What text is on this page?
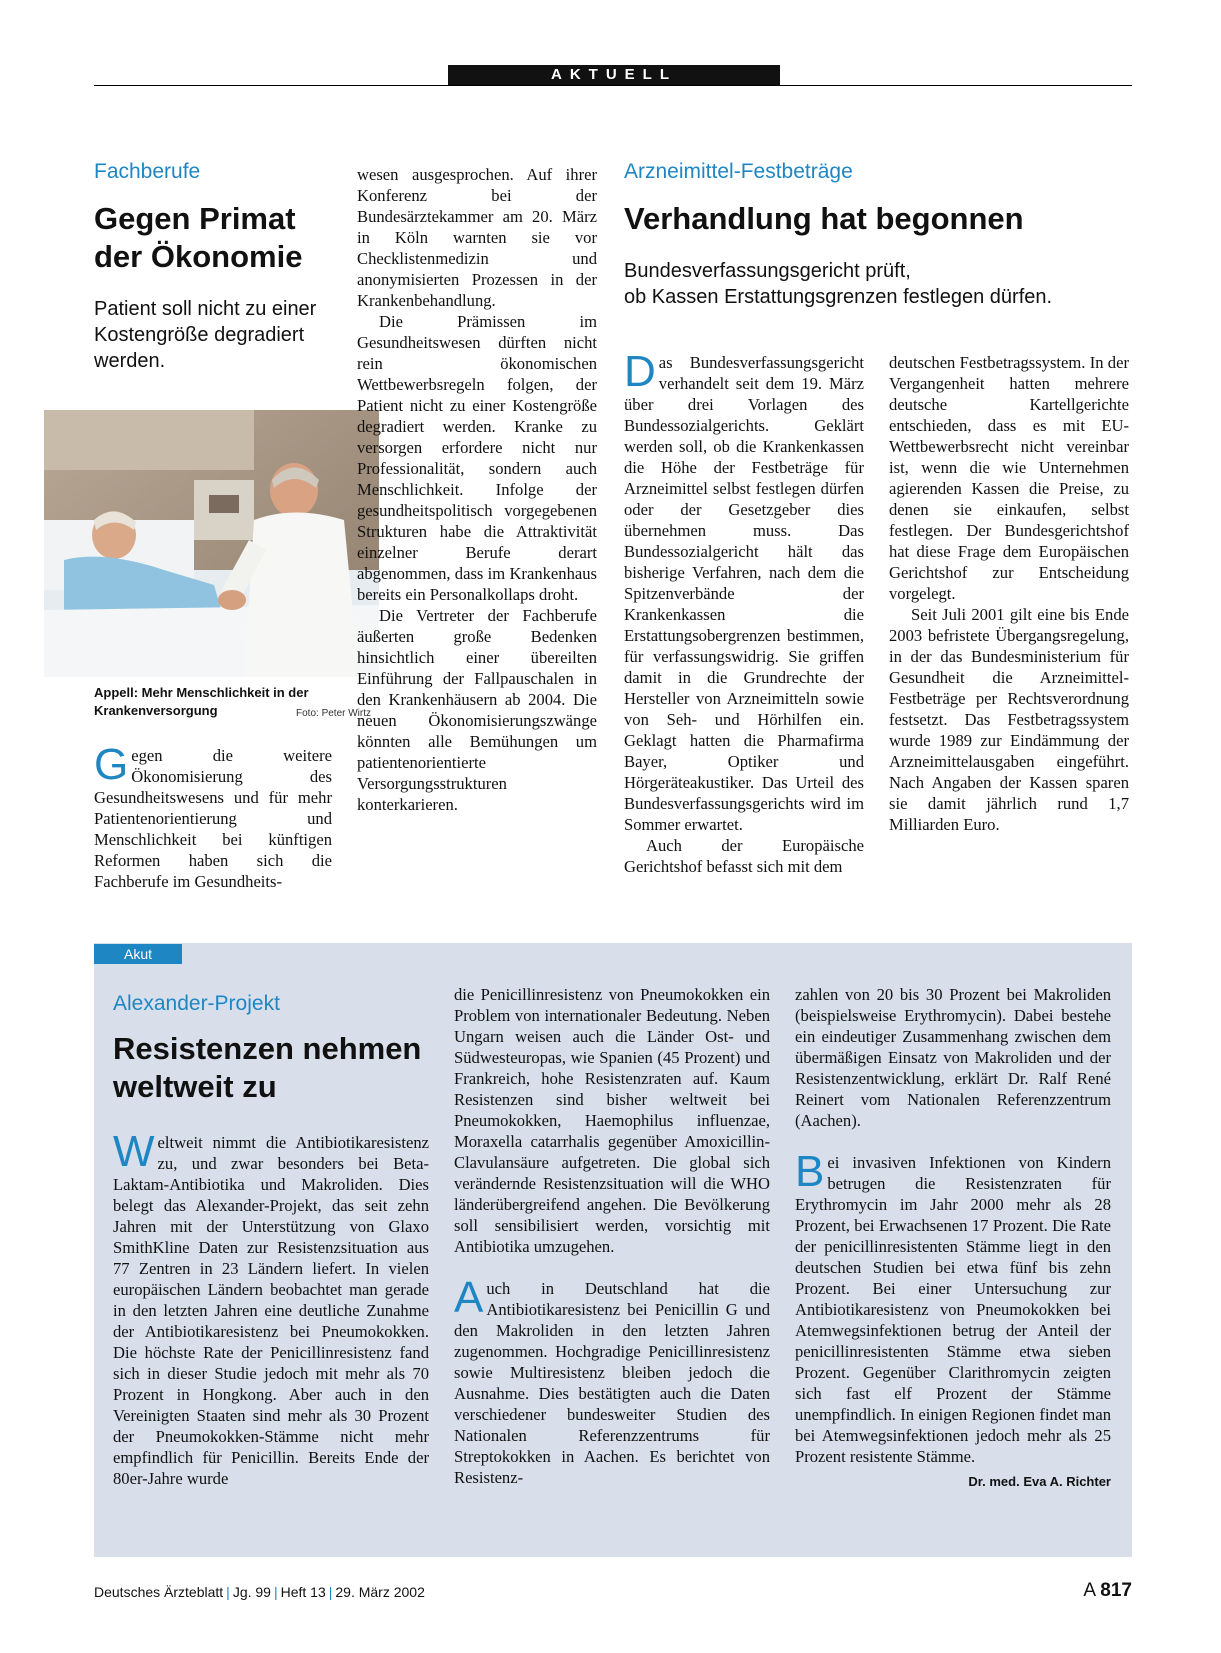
AKTUELL
Fachberufe
Gegen Primat
der Ökonomie
Patient soll nicht zu einer Kostengröße degradiert werden.
Appell: Mehr Menschlichkeit in der Krankenversorgung	Foto: Peter Wirtz
G egen die weitere Ökonomisierung des Gesundheitswesens und für mehr Patientenorientierung und Menschlichkeit bei künftigen Reformen haben sich die Fachberufe im Gesundheits-

wesen ausgesprochen. Auf ihrer Konferenz bei der Bundesärztekammer am 20. März in Köln warnten sie vor Checklistenmedizin und anonymisierten Prozessen in der Krankenbehandlung.

Die Prämissen im Gesundheitswesen dürften nicht rein ökonomischen Wettbewerbsregeln folgen, der Patient nicht zu einer Kostengröße degradiert werden. Kranke zu versorgen erfordere nicht nur Professionalität, sondern auch Menschlichkeit. Infolge der gesundheitspolitisch vorgegebenen Strukturen habe die Attraktivität einzelner Berufe derart abgenommen, dass im Krankenhaus bereits ein Personalkollaps droht.

Die Vertreter der Fachberufe äußerten große Bedenken hinsichtlich einer übereilten Einführung der Fallpauschalen in den Krankenhäusern ab 2004. Die neuen Ökonomisierungszwänge könnten alle Bemühungen um patientenorientierte Versorgungsstrukturen konterkarieren.

Arzneimittel-Festbeträge
Verhandlung hat begonnen
Bundesverfassungsgericht prüft,
ob Kassen Erstattungsgrenzen festlegen dürfen.

Das Bundesverfassungsgericht verhandelt seit dem 19. März über drei Vorlagen des Bundessozialgerichts. Geklärt werden soll, ob die Krankenkassen die Höhe der Festbeträge für Arzneimittel selbst festlegen dürfen oder der Gesetzgeber dies übernehmen muss. Das Bundessozialgericht hält das bisherige Verfahren, nach dem die Spitzenverbände der Krankenkassen die Erstattungsobergrenzen bestimmen, für verfassungswidrig. Sie griffen damit in die Grundrechte der Hersteller von Arzneimitteln sowie von Seh- und Hörhilfen ein. Geklagt hatten die Pharmafirma Bayer, Optiker und Hörgeräteakustiker. Das Urteil des Bundesverfassungsgerichts wird im Sommer erwartet.

Auch der Europäische Gerichtshof befasst sich mit dem

deutschen Festbetragssystem. In der Vergangenheit hatten mehrere deutsche Kartellgerichte entschieden, dass es mit EU-Wettbewerbsrecht nicht vereinbar ist, wenn die wie Unternehmen agierenden Kassen die Preise, zu denen sie einkaufen, selbst festlegen. Der Bundesgerichtshof hat diese Frage dem Europäischen Gerichtshof zur Entscheidung vorgelegt.

Seit Juli 2001 gilt eine bis Ende 2003 befristete Übergangsregelung, in der das Bundesministerium für Gesundheit die Arzneimittel-Festbeträge per Rechtsverordnung festsetzt. Das Festbetragssystem wurde 1989 zur Eindämmung der Arzneimittelausgaben eingeführt. Nach Angaben der Kassen sparen sie damit jährlich rund 1,7 Milliarden Euro.

Akut
Alexander-Projekt
Resistenzen nehmen
weltweit zu
W eltweit nimmt die Antibiotikaresistenz zu, und zwar besonders bei Beta-Laktam-Antibiotika und Makroliden. Dies belegt das Alexander-Projekt, das seit zehn Jahren mit der Unterstützung von Glaxo SmithKline Daten zur Resistenzsituation aus 77 Zentren in 23 Ländern liefert. In vielen europäischen Ländern beobachtet man gerade in den letzten Jahren eine deutliche Zunahme der Antibiotikaresistenz bei Pneumokokken. Die höchste Rate der Penicillinresistenz fand sich in dieser Studie jedoch mit mehr als 70 Prozent in Hongkong. Aber auch in den Vereinigten Staaten sind mehr als 30 Prozent der Pneumokokken-Stämme nicht mehr empfindlich für Penicillin. Bereits Ende der 80er-Jahre wurde

die Penicillinresistenz von Pneumokokken ein Problem von internationaler Bedeutung. Neben Ungarn weisen auch die Länder Ost- und Südwesteuropas, wie Spanien (45 Prozent) und Frankreich, hohe Resistenzraten auf. Kaum Resistenzen sind bisher weltweit bei Pneumokokken, Haemophilus influenzae, Moraxella catarrhalis gegenüber Amoxicillin-Clavulansäure aufgetreten. Die global sich verändernde Resistenzsituation will die WHO länderübergreifend angehen. Die Bevölkerung soll sensibilisiert werden, vorsichtig mit Antibiotika umzugehen.

Auch in Deutschland hat die Antibiotikaresistenz bei Penicillin G und den Makroliden in den letzten Jahren zugenommen. Hochgradige Penicillinresistenz sowie Multiresistenz bleiben jedoch die Ausnahme. Dies bestätigten auch die Daten verschiedener bundesweiter Studien des Nationalen Referenzzentrums für Streptokokken in Aachen. Es berichtet von Resistenz-

zahlen von 20 bis 30 Prozent bei Makroliden (beispielsweise Erythromycin). Dabei bestehe ein eindeutiger Zusammenhang zwischen dem übermäßigen Einsatz von Makroliden und der Resistenzentwicklung, erklärt Dr. Ralf René Reinert vom Nationalen Referenzzentrum (Aachen).

Bei invasiven Infektionen von Kindern betrugen die Resistenzraten für Erythromycin im Jahr 2000 mehr als 28 Prozent, bei Erwachsenen 17 Prozent. Die Rate der penicillinresistenten Stämme liegt in den deutschen Studien bei etwa fünf bis zehn Prozent. Bei einer Untersuchung zur Antibiotikaresistenz von Pneumokokken bei Atemwegsinfektionen betrug der Anteil der penicillinresistenten Stämme etwa sieben Prozent. Gegenüber Clarithromycin zeigten sich fast elf Prozent der Stämme unempfindlich. In einigen Regionen findet man bei Atemwegsinfektionen jedoch mehr als 25 Prozent resistente Stämme.
Dr. med. Eva A. Richter
Deutsches Ärzteblatt | Jg. 99 | Heft 13 | 29. März 2002	A 817
